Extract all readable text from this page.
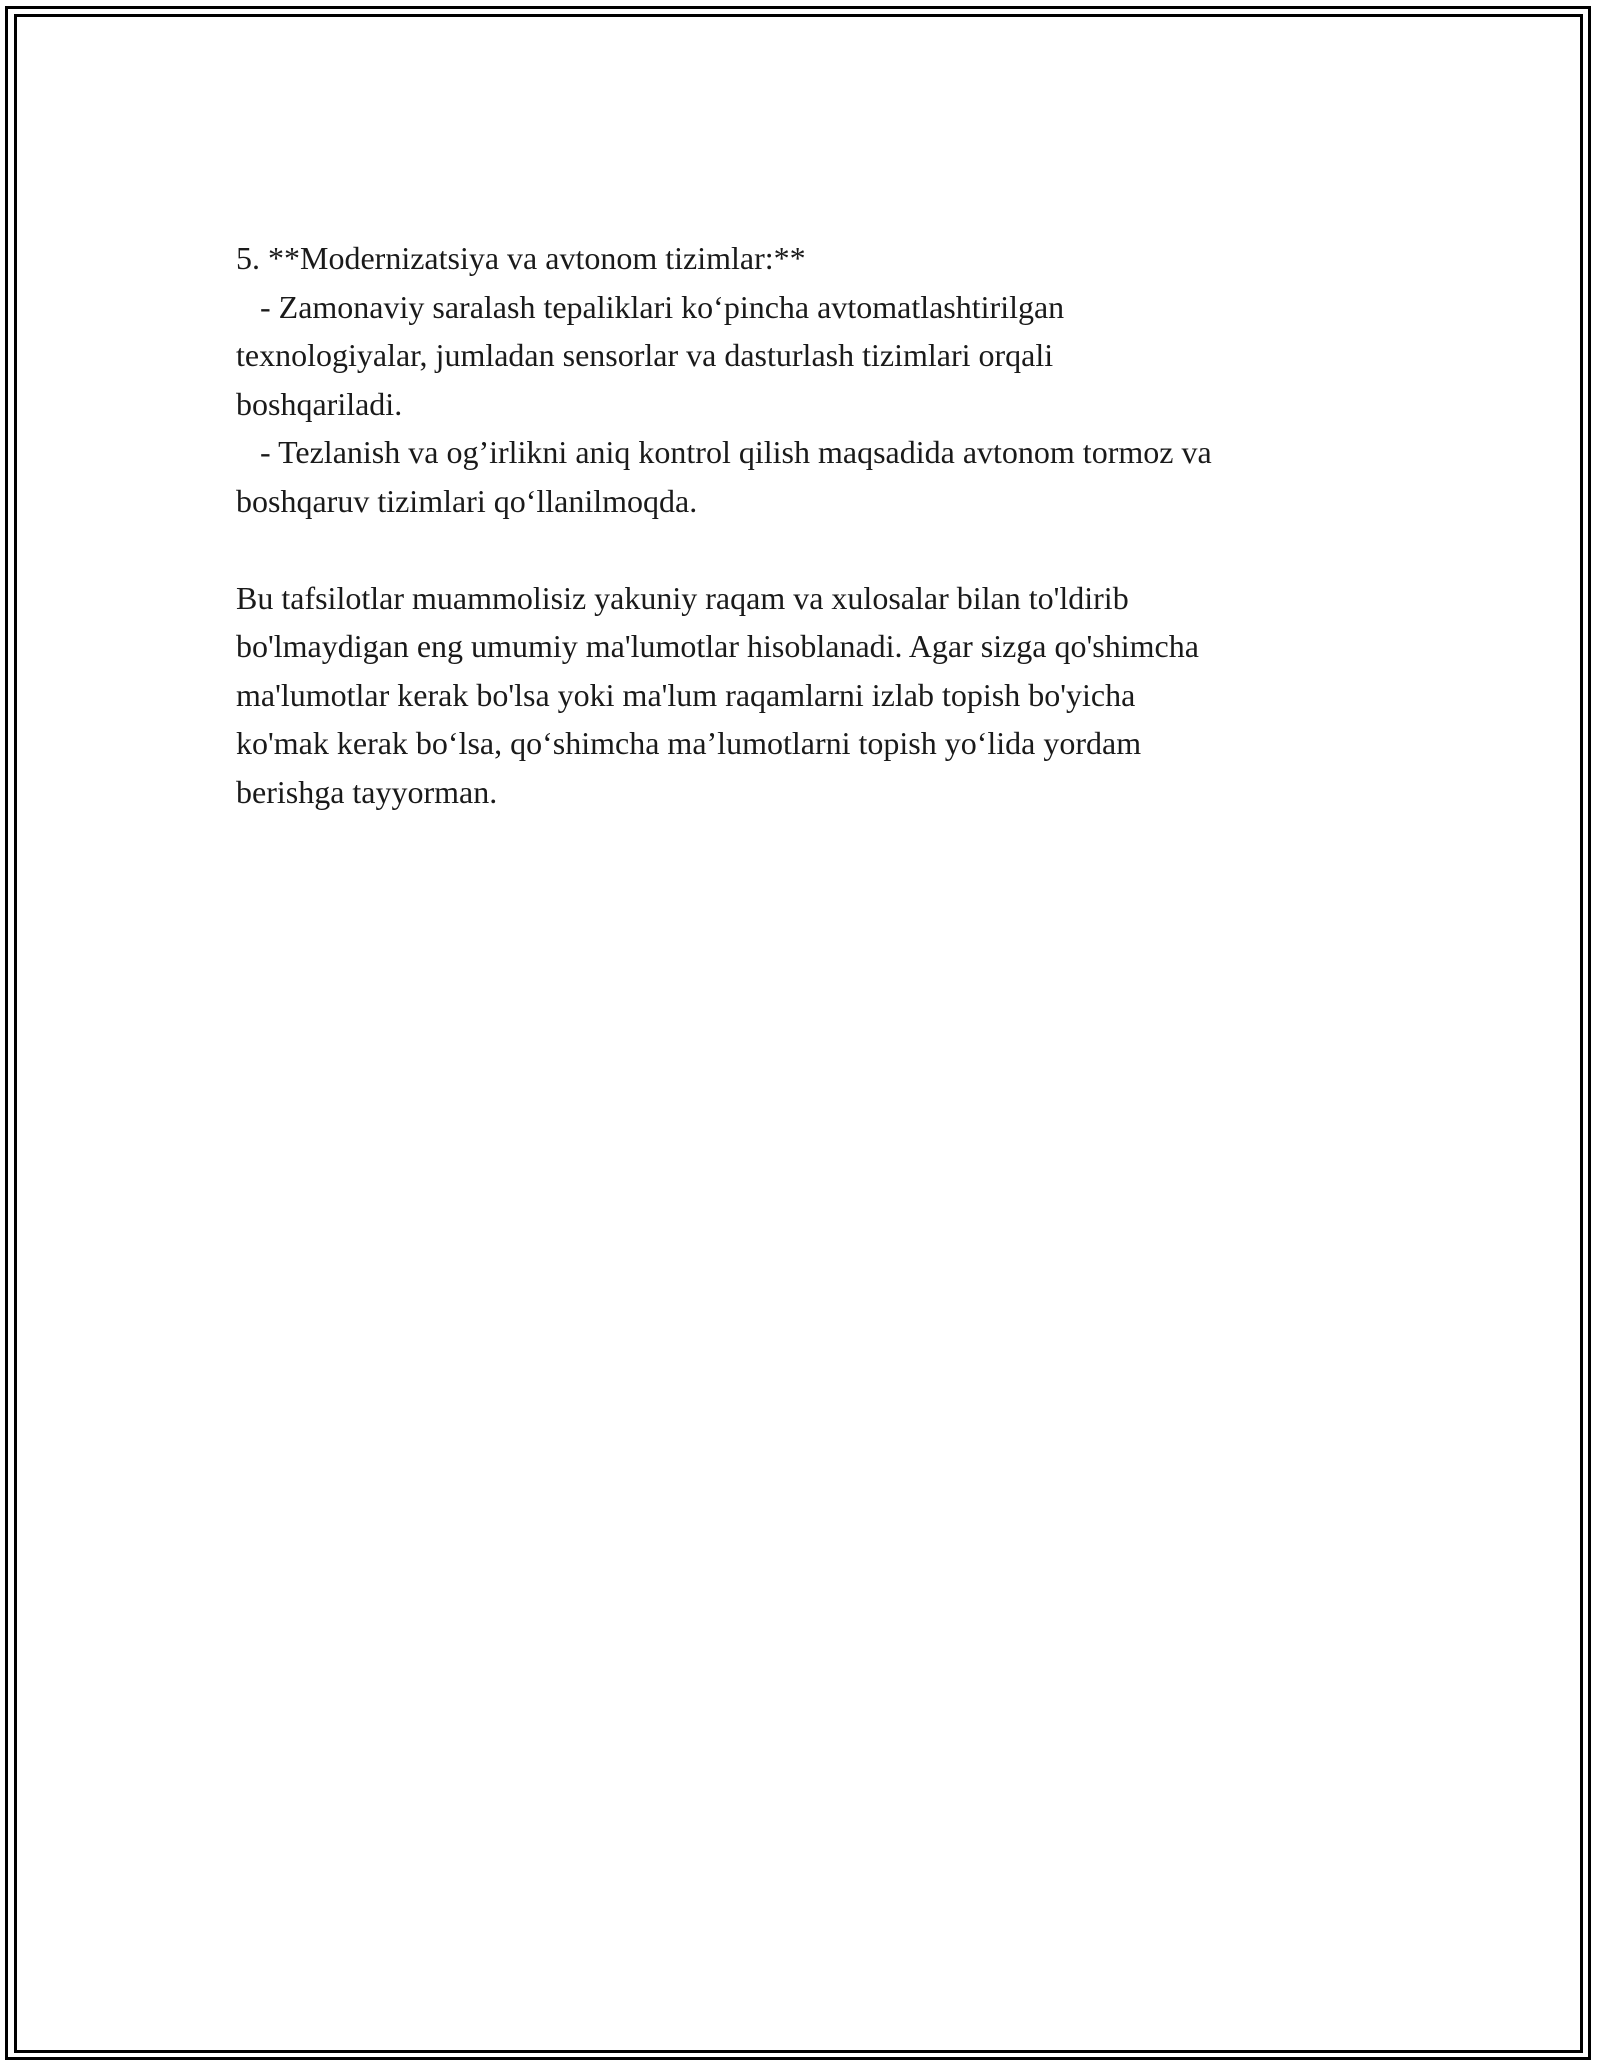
5. **Modernizatsiya va avtonom tizimlar:**
- Zamonaviy saralash tepaliklari ko‘pincha avtomatlashtirilgan
texnologiyalar, jumladan sensorlar va dasturlash tizimlari orqali
boshqariladi.
- Tezlanish va og’irlikni aniq kontrol qilish maqsadida avtonom tormoz va
boshqaruv tizimlari qo‘llanilmoqda.
Bu tafsilotlar muammolisiz yakuniy raqam va xulosalar bilan to'ldirib
bo'lmaydigan eng umumiy ma'lumotlar hisoblanadi. Agar sizga qo'shimcha
ma'lumotlar kerak bo'lsa yoki ma'lum raqamlarni izlab topish bo'yicha
ko'mak kerak bo‘lsa, qo‘shimcha ma’lumotlarni topish yo‘lida yordam
berishga tayyorman.
